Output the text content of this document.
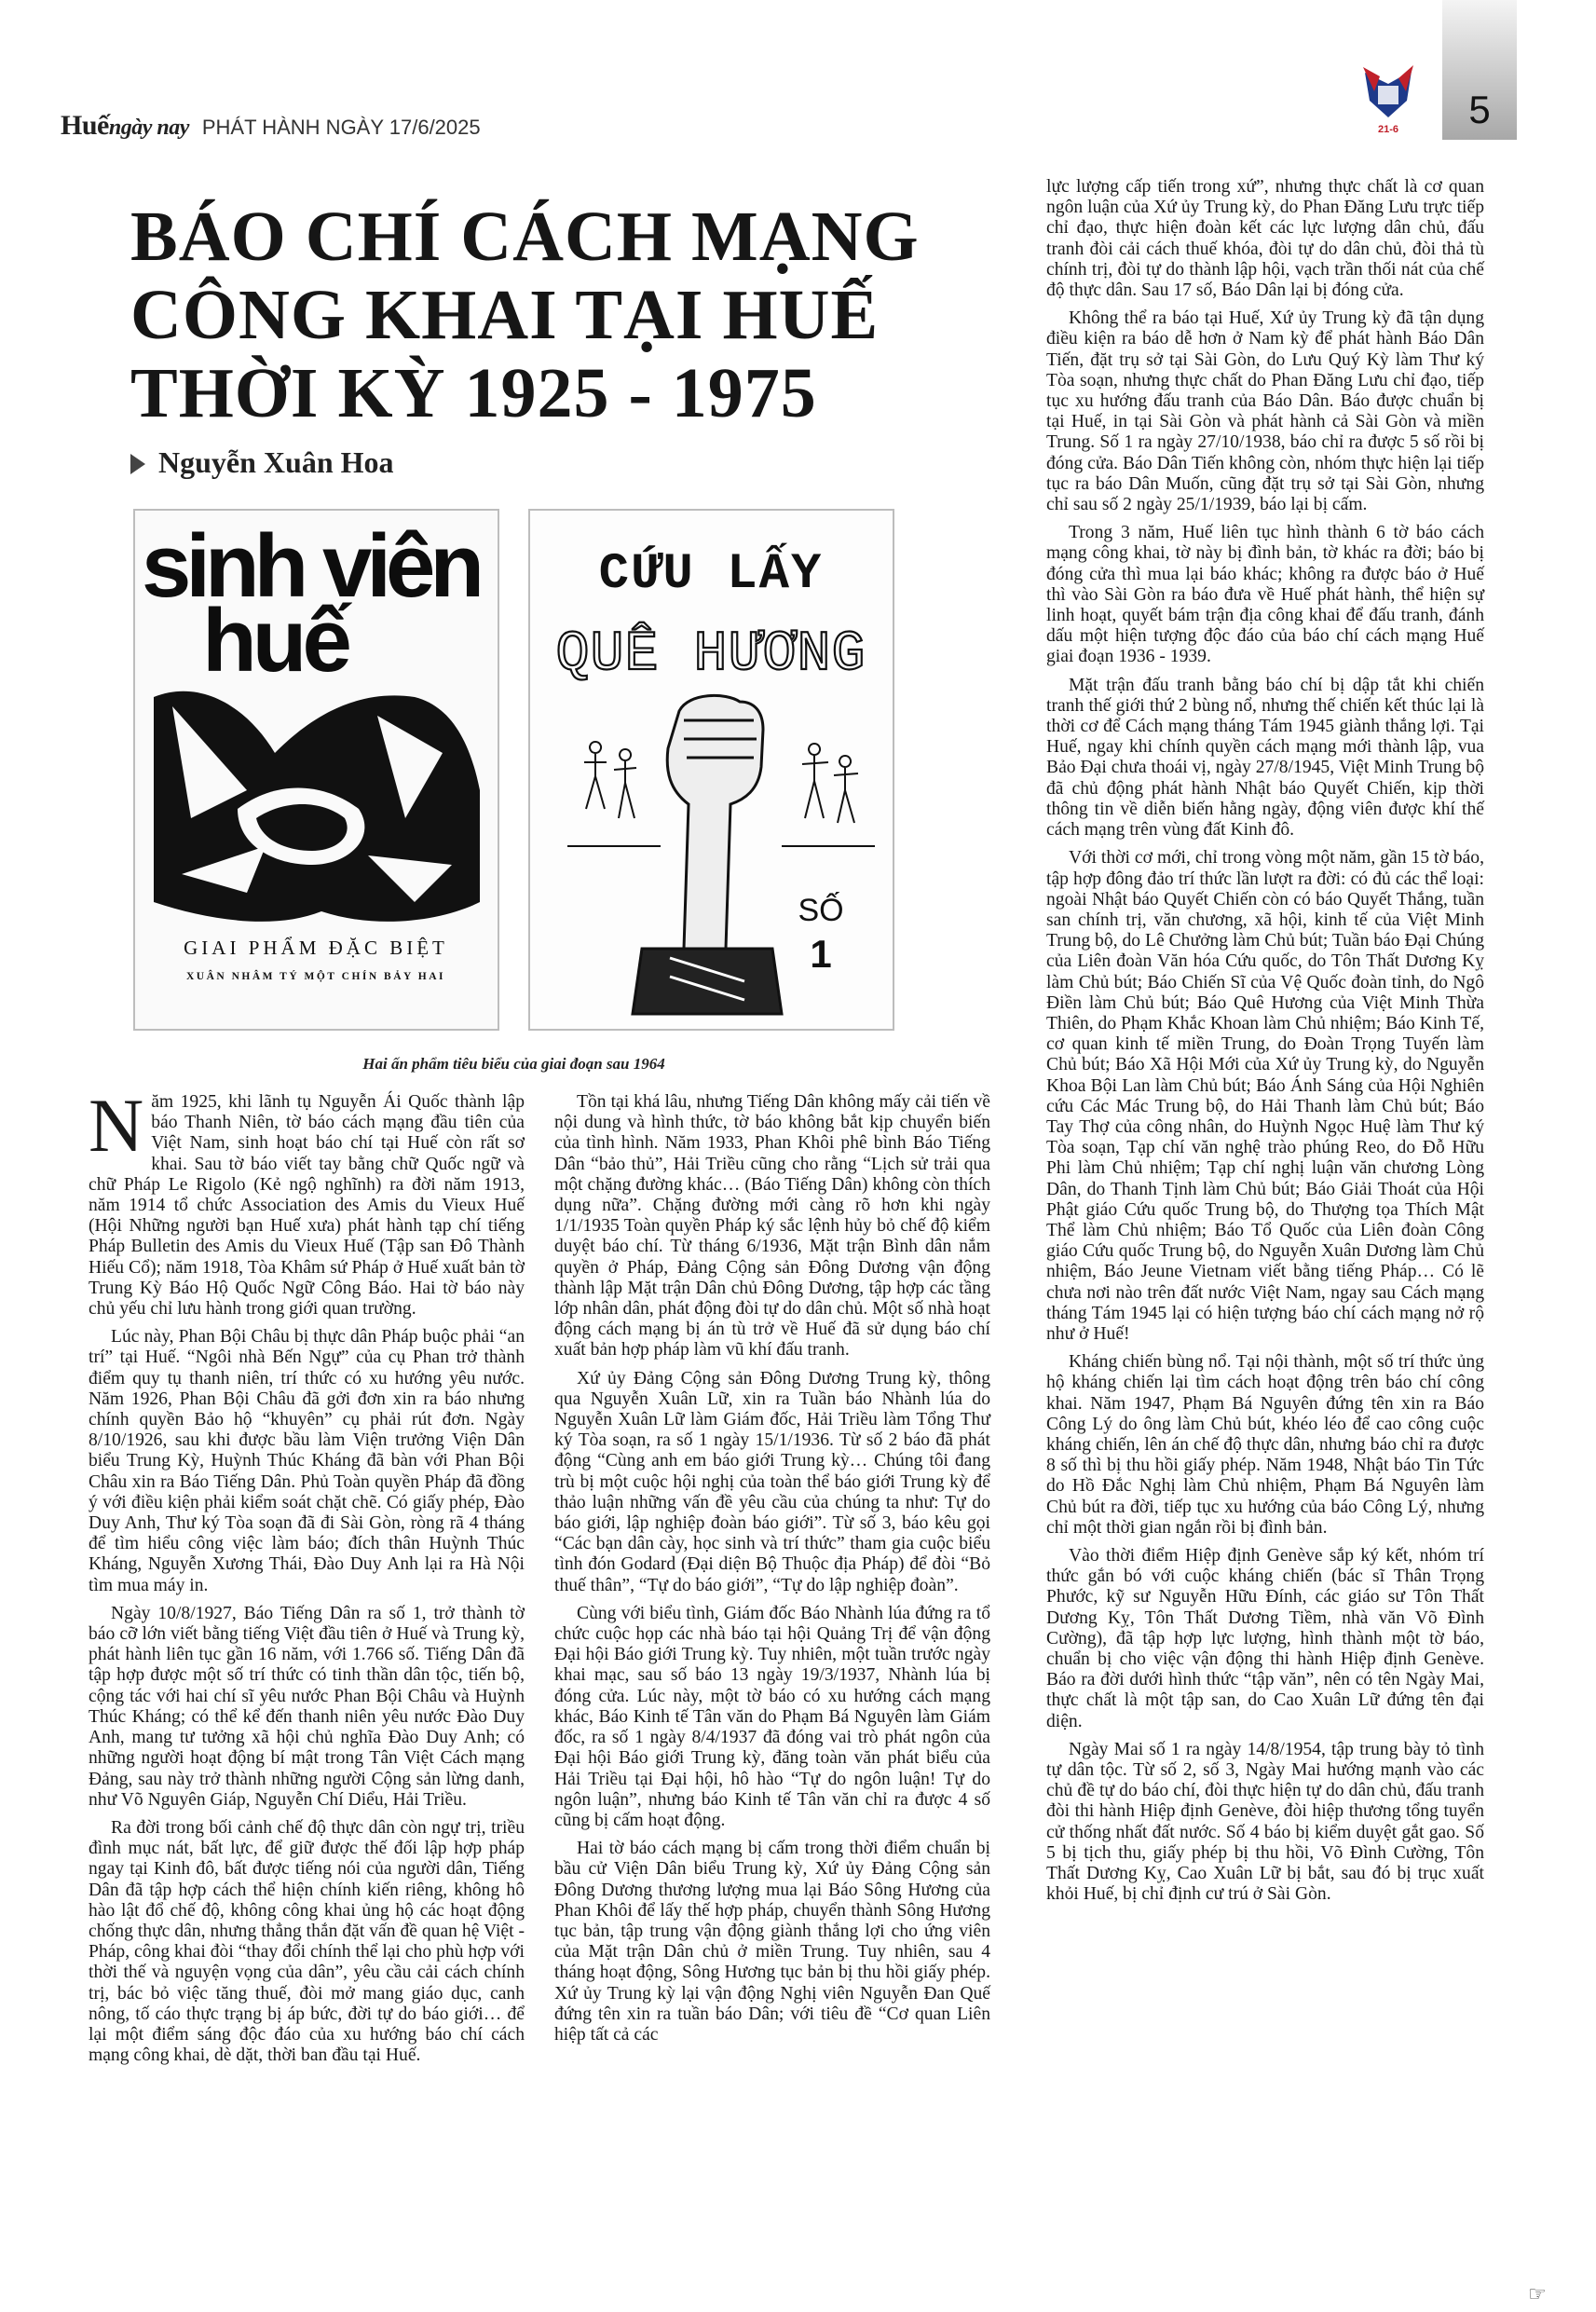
Huếngày nay PHÁT HÀNH NGÀY 17/6/2025	21-6	5
BÁO CHÍ CÁCH MẠNG
CÔNG KHAI TẠI HUẾ
THỜI KỲ 1925 - 1975
Nguyễn Xuân Hoa
sinh viên
huế
GIAI PHẨM ĐẶC BIỆT
XUÂN NHÂM TÝ MỘT CHÍN BẢY HAI
CỨU LẤY
QUÊ HƯƠNG
SỐ
1
Hai ấn phẩm tiêu biểu của giai đoạn sau 1964

Năm 1925, khi lãnh tụ Nguyễn Ái Quốc thành lập báo Thanh Niên, tờ báo cách mạng đầu tiên của Việt Nam, sinh hoạt báo chí tại Huế còn rất sơ khai. Sau tờ báo viết tay bằng chữ Quốc ngữ và chữ Pháp Le Rigolo (Kẻ ngộ nghĩnh) ra đời năm 1913, năm 1914 tổ chức Association des Amis du Vieux Huế (Hội Những người bạn Huế xưa) phát hành tạp chí tiếng Pháp Bulletin des Amis du Vieux Huế (Tập san Đô Thành Hiếu Cổ); năm 1918, Tòa Khâm sứ Pháp ở Huế xuất bản tờ Trung Kỳ Báo Hộ Quốc Ngữ Công Báo. Hai tờ báo này chủ yếu chỉ lưu hành trong giới quan trường.

Lúc này, Phan Bội Châu bị thực dân Pháp buộc phải “an trí” tại Huế. “Ngôi nhà Bến Ngự” của cụ Phan trở thành điểm quy tụ thanh niên, trí thức có xu hướng yêu nước. Năm 1926, Phan Bội Châu đã gởi đơn xin ra báo nhưng chính quyền Bảo hộ “khuyên” cụ phải rút đơn. Ngày 8/10/1926, sau khi được bầu làm Viện trưởng Viện Dân biểu Trung Kỳ, Huỳnh Thúc Kháng đã bàn với Phan Bội Châu xin ra Báo Tiếng Dân. Phủ Toàn quyền Pháp đã đồng ý với điều kiện phải kiểm soát chặt chẽ. Có giấy phép, Đào Duy Anh, Thư ký Tòa soạn đã đi Sài Gòn, ròng rã 4 tháng để tìm hiểu công việc làm báo; đích thân Huỳnh Thúc Kháng, Nguyễn Xương Thái, Đào Duy Anh lại ra Hà Nội tìm mua máy in.

Ngày 10/8/1927, Báo Tiếng Dân ra số 1, trở thành tờ báo cỡ lớn viết bằng tiếng Việt đầu tiên ở Huế và Trung kỳ, phát hành liên tục gần 16 năm, với 1.766 số. Tiếng Dân đã tập hợp được một số trí thức có tinh thần dân tộc, tiến bộ, cộng tác với hai chí sĩ yêu nước Phan Bội Châu và Huỳnh Thúc Kháng; có thể kể đến thanh niên yêu nước Đào Duy Anh, mang tư tưởng xã hội chủ nghĩa Đào Duy Anh; có những người hoạt động bí mật trong Tân Việt Cách mạng Đảng, sau này trở thành những người Cộng sản lừng danh, như Võ Nguyên Giáp, Nguyễn Chí Diểu, Hải Triều.

Ra đời trong bối cảnh chế độ thực dân còn ngự trị, triều đình mục nát, bất lực, để giữ được thế đối lập hợp pháp ngay tại Kinh đô, bất được tiếng nói của người dân, Tiếng Dân đã tập hợp cách thể hiện chính kiến riêng, không hô hào lật đổ chế độ, không công khai ủng hộ các hoạt động chống thực dân, nhưng thẳng thắn đặt vấn đề quan hệ Việt - Pháp, công khai đòi “thay đổi chính thể lại cho phù hợp với thời thế và nguyện vọng của dân”, yêu cầu cải cách chính trị, bác bỏ việc tăng thuế, đòi mở mang giáo dục, canh nông, tố cáo thực trạng bị áp bức, đời tự do báo giới… để lại một điểm sáng độc đáo của xu hướng báo chí cách mạng công khai, dè dặt, thời ban đầu tại Huế.

Tồn tại khá lâu, nhưng Tiếng Dân không mấy cải tiến về nội dung và hình thức, tờ báo không bắt kịp chuyển biến của tình hình. Năm 1933, Phan Khôi phê bình Báo Tiếng Dân “bảo thủ”, Hải Triều cũng cho rằng “Lịch sử trải qua một chặng đường khác… (Báo Tiếng Dân) không còn thích dụng nữa”. Chặng đường mới càng rõ hơn khi ngày 1/1/1935 Toàn quyền Pháp ký sắc lệnh hủy bỏ chế độ kiểm duyệt báo chí. Từ tháng 6/1936, Mặt trận Bình dân nắm quyền ở Pháp, Đảng Cộng sản Đông Dương vận động thành lập Mặt trận Dân chủ Đông Dương, tập hợp các tầng lớp nhân dân, phát động đòi tự do dân chủ. Một số nhà hoạt động cách mạng bị án tù trở về Huế đã sử dụng báo chí xuất bản hợp pháp làm vũ khí đấu tranh.

Xứ ủy Đảng Cộng sản Đông Dương Trung kỳ, thông qua Nguyễn Xuân Lữ, xin ra Tuần báo Nhành lúa do Nguyễn Xuân Lữ làm Giám đốc, Hải Triều làm Tổng Thư ký Tòa soạn, ra số 1 ngày 15/1/1936. Từ số 2 báo đã phát động “Cùng anh em báo giới Trung kỳ… Chúng tôi đang trù bị một cuộc hội nghị của toàn thể báo giới Trung kỳ để thảo luận những vấn đề yêu cầu của chúng ta như: Tự do báo giới, lập nghiệp đoàn báo giới”. Từ số 3, báo kêu gọi “Các bạn dân cày, học sinh và trí thức” tham gia cuộc biểu tình đón Godard (Đại diện Bộ Thuộc địa Pháp) để đòi “Bỏ thuế thân”, “Tự do báo giới”, “Tự do lập nghiệp đoàn”.

Cùng với biểu tình, Giám đốc Báo Nhành lúa đứng ra tổ chức cuộc họp các nhà báo tại hội Quảng Trị để vận động Đại hội Báo giới Trung kỳ. Tuy nhiên, một tuần trước ngày khai mạc, sau số báo 13 ngày 19/3/1937, Nhành lúa bị đóng cửa. Lúc này, một tờ báo có xu hướng cách mạng khác, Báo Kinh tế Tân văn do Phạm Bá Nguyên làm Giám đốc, ra số 1 ngày 8/4/1937 đã đóng vai trò phát ngôn của Đại hội Báo giới Trung kỳ, đăng toàn văn phát biểu của Hải Triều tại Đại hội, hô hào “Tự do ngôn luận! Tự do ngôn luận”, nhưng báo Kinh tế Tân văn chỉ ra được 4 số cũng bị cấm hoạt động.

Hai tờ báo cách mạng bị cấm trong thời điểm chuẩn bị bầu cử Viện Dân biểu Trung kỳ, Xứ ủy Đảng Cộng sản Đông Dương thương lượng mua lại Báo Sông Hương của Phan Khôi để lấy thế hợp pháp, chuyển thành Sông Hương tục bản, tập trung vận động giành thắng lợi cho ứng viên của Mặt trận Dân chủ ở miền Trung. Tuy nhiên, sau 4 tháng hoạt động, Sông Hương tục bản bị thu hồi giấy phép. Xứ ủy Trung kỳ lại vận động Nghị viên Nguyễn Đan Quế đứng tên xin ra tuần báo Dân; với tiêu đề “Cơ quan Liên hiệp tất cả các

lực lượng cấp tiến trong xứ”, nhưng thực chất là cơ quan ngôn luận của Xứ ủy Trung kỳ, do Phan Đăng Lưu trực tiếp chỉ đạo, thực hiện đoàn kết các lực lượng dân chủ, đấu tranh đòi cải cách thuế khóa, đòi tự do dân chủ, đòi thả tù chính trị, đòi tự do thành lập hội, vạch trần thối nát của chế độ thực dân. Sau 17 số, Báo Dân lại bị đóng cửa.

Không thể ra báo tại Huế, Xứ ủy Trung kỳ đã tận dụng điều kiện ra báo dễ hơn ở Nam kỳ để phát hành Báo Dân Tiến, đặt trụ sở tại Sài Gòn, do Lưu Quý Kỳ làm Thư ký Tòa soạn, nhưng thực chất do Phan Đăng Lưu chỉ đạo, tiếp tục xu hướng đấu tranh của Báo Dân. Báo được chuẩn bị tại Huế, in tại Sài Gòn và phát hành cả Sài Gòn và miền Trung. Số 1 ra ngày 27/10/1938, báo chỉ ra được 5 số rồi bị đóng cửa. Báo Dân Tiến không còn, nhóm thực hiện lại tiếp tục ra báo Dân Muốn, cũng đặt trụ sở tại Sài Gòn, nhưng chỉ sau số 2 ngày 25/1/1939, báo lại bị cấm.

Trong 3 năm, Huế liên tục hình thành 6 tờ báo cách mạng công khai, tờ này bị đình bản, tờ khác ra đời; báo bị đóng cửa thì mua lại báo khác; không ra được báo ở Huế thì vào Sài Gòn ra báo đưa về Huế phát hành, thể hiện sự linh hoạt, quyết bám trận địa công khai để đấu tranh, đánh dấu một hiện tượng độc đáo của báo chí cách mạng Huế giai đoạn 1936 - 1939.

Mặt trận đấu tranh bằng báo chí bị dập tắt khi chiến tranh thế giới thứ 2 bùng nổ, nhưng thế chiến kết thúc lại là thời cơ để Cách mạng tháng Tám 1945 giành thắng lợi. Tại Huế, ngay khi chính quyền cách mạng mới thành lập, vua Bảo Đại chưa thoái vị, ngày 27/8/1945, Việt Minh Trung bộ đã chủ động phát hành Nhật báo Quyết Chiến, kịp thời thông tin về diễn biến hằng ngày, động viên được khí thế cách mạng trên vùng đất Kinh đô.

Với thời cơ mới, chỉ trong vòng một năm, gần 15 tờ báo, tập hợp đông đảo trí thức lần lượt ra đời: có đủ các thể loại: ngoài Nhật báo Quyết Chiến còn có báo Quyết Thắng, tuần san chính trị, văn chương, xã hội, kinh tế của Việt Minh Trung bộ, do Lê Chưởng làm Chủ bút; Tuần báo Đại Chúng của Liên đoàn Văn hóa Cứu quốc, do Tôn Thất Dương Kỵ làm Chủ bút; Báo Chiến Sĩ của Vệ Quốc đoàn tỉnh, do Ngô Điền làm Chủ bút; Báo Quê Hương của Việt Minh Thừa Thiên, do Phạm Khắc Khoan làm Chủ nhiệm; Báo Kinh Tế, cơ quan kinh tế miền Trung, do Đoàn Trọng Tuyến làm Chủ bút; Báo Xã Hội Mới của Xứ ủy Trung kỳ, do Nguyễn Khoa Bội Lan làm Chủ bút; Báo Ánh Sáng của Hội Nghiên cứu Các Mác Trung bộ, do Hải Thanh làm Chủ bút; Báo Tay Thợ của công nhân, do Huỳnh Ngọc Huệ làm Thư ký Tòa soạn, Tạp chí văn nghệ trào phúng Reo, do Đỗ Hữu Phi làm Chủ nhiệm; Tạp chí nghị luận văn chương Lòng Dân, do Thanh Tịnh làm Chủ bút; Báo Giải Thoát của Hội Phật giáo Cứu quốc Trung bộ, do Thượng tọa Thích Mật Thể làm Chủ nhiệm; Báo Tổ Quốc của Liên đoàn Công giáo Cứu quốc Trung bộ, do Nguyễn Xuân Dương làm Chủ nhiệm, Báo Jeune Vietnam viết bằng tiếng Pháp… Có lẽ chưa nơi nào trên đất nước Việt Nam, ngay sau Cách mạng tháng Tám 1945 lại có hiện tượng báo chí cách mạng nở rộ như ở Huế!

Kháng chiến bùng nổ. Tại nội thành, một số trí thức ủng hộ kháng chiến lại tìm cách hoạt động trên báo chí công khai. Năm 1947, Phạm Bá Nguyên đứng tên xin ra Báo Công Lý do ông làm Chủ bút, khéo léo để cao công cuộc kháng chiến, lên án chế độ thực dân, nhưng báo chỉ ra được 8 số thì bị thu hồi giấy phép. Năm 1948, Nhật báo Tin Tức do Hồ Đắc Nghị làm Chủ nhiệm, Phạm Bá Nguyên làm Chủ bút ra đời, tiếp tục xu hướng của báo Công Lý, nhưng chỉ một thời gian ngắn rồi bị đình bản.

Vào thời điểm Hiệp định Genève sắp ký kết, nhóm trí thức gắn bó với cuộc kháng chiến (bác sĩ Thân Trọng Phước, kỹ sư Nguyễn Hữu Đính, các giáo sư Tôn Thất Dương Kỵ, Tôn Thất Dương Tiềm, nhà văn Võ Đình Cường), đã tập hợp lực lượng, hình thành một tờ báo, chuẩn bị cho việc vận động thi hành Hiệp định Genève. Báo ra đời dưới hình thức “tập văn”, nên có tên Ngày Mai, thực chất là một tập san, do Cao Xuân Lữ đứng tên đại diện.

Ngày Mai số 1 ra ngày 14/8/1954, tập trung bày tỏ tình tự dân tộc. Từ số 2, số 3, Ngày Mai hướng mạnh vào các chủ đề tự do báo chí, đòi thực hiện tự do dân chủ, đấu tranh đòi thi hành Hiệp định Genève, đòi hiệp thương tổng tuyển cử thống nhất đất nước. Số 4 báo bị kiểm duyệt gắt gao. Số 5 bị tịch thu, giấy phép bị thu hồi, Võ Đình Cường, Tôn Thất Dương Kỵ, Cao Xuân Lữ bị bắt, sau đó bị trục xuất khỏi Huế, bị chỉ định cư trú ở Sài Gòn.

☞
